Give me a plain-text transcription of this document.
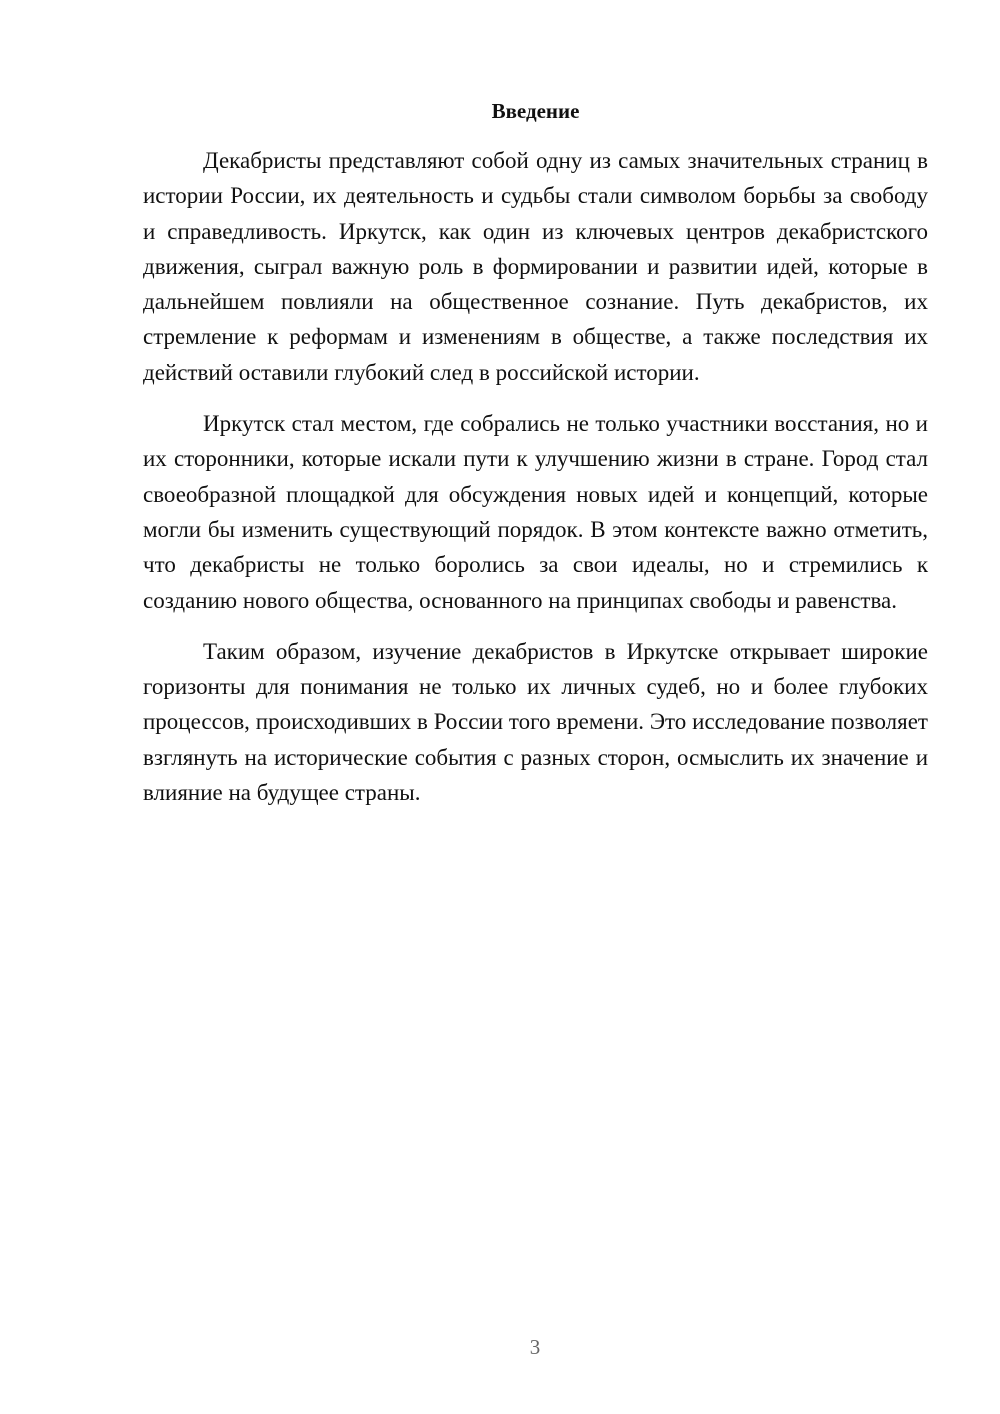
Введение

Декабристы представляют собой одну из самых значительных страниц в истории России, их деятельность и судьбы стали символом борьбы за свободу и справедливость. Иркутск, как один из ключевых центров декабристского движения, сыграл важную роль в формировании и развитии идей, которые в дальнейшем повлияли на общественное сознание. Путь декабристов, их стремление к реформам и изменениям в обществе, а также последствия их действий оставили глубокий след в российской истории.

Иркутск стал местом, где собрались не только участники восстания, но и их сторонники, которые искали пути к улучшению жизни в стране. Город стал своеобразной площадкой для обсуждения новых идей и концепций, которые могли бы изменить существующий порядок. В этом контексте важно отметить, что декабристы не только боролись за свои идеалы, но и стремились к созданию нового общества, основанного на принципах свободы и равенства.

Таким образом, изучение декабристов в Иркутске открывает широкие горизонты для понимания не только их личных судеб, но и более глубоких процессов, происходивших в России того времени. Это исследование позволяет взглянуть на исторические события с разных сторон, осмыслить их значение и влияние на будущее страны.

3
